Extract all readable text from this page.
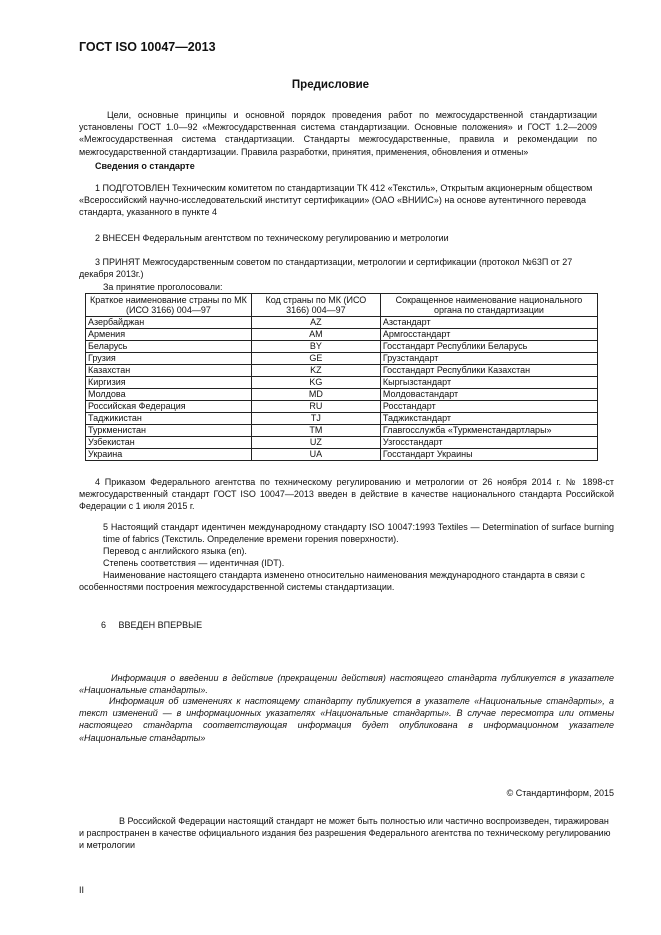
ГОСТ ISO 10047—2013
Предисловие
Цели, основные принципы и основной порядок проведения работ по межгосударственной стандартизации установлены ГОСТ 1.0—92 «Межгосударственная система стандартизации. Основные положения» и ГОСТ 1.2—2009 «Межгосударственная система стандартизации. Стандарты межгосударственные, правила и рекомендации по межгосударственной стандартизации. Правила разработки, принятия, применения, обновления и отмены»
Сведения о стандарте
1 ПОДГОТОВЛЕН Техническим комитетом по стандартизации ТК 412 «Текстиль», Открытым акционерным обществом «Всероссийский научно-исследовательский институт сертификации» (ОАО «ВНИИС») на основе аутентичного перевода стандарта, указанного в пункте 4
2 ВНЕСЕН Федеральным агентством по техническому регулированию и метрологии
3 ПРИНЯТ Межгосударственным советом по стандартизации, метрологии и сертификации (протокол №63П от 27 декабря 2013г.)
За принятие проголосовали:
Краткое наименование страны по МК (ИСО 3166) 004—97	Код страны по МК (ИСО 3166) 004—97	Сокращенное наименование национального органа по стандартизации
Азербайджан	AZ	Азстандарт
Армения	AM	Армгосстандарт
Беларусь	BY	Госстандарт Республики Беларусь
Грузия	GE	Грузстандарт
Казахстан	KZ	Госстандарт Республики Казахстан
Киргизия	KG	Кыргызстандарт
Молдова	MD	Молдовастандарт
Российская Федерация	RU	Росстандарт
Таджикистан	TJ	Таджикстандарт
Туркменистан	TM	Главгосслужба «Туркменстандартлары»
Узбекистан	UZ	Узгосстандарт
Украина	UA	Госстандарт Украины
4 Приказом Федерального агентства по техническому регулированию и метрологии от 26 ноября 2014 г. № 1898-ст межгосударственный стандарт ГОСТ ISO 10047—2013 введен в действие в качестве национального стандарта Российской Федерации с 1 июля 2015 г.
5 Настоящий стандарт идентичен международному стандарту ISO 10047:1993 Textiles — Determination of surface burning time of fabrics (Текстиль. Определение времени горения поверхности).
Перевод с английского языка (en).
Степень соответствия — идентичная (IDT).
Наименование настоящего стандарта изменено относительно наименования международного стандарта в связи с особенностями построения межгосударственной системы стандартизации.
6     ВВЕДЕН ВПЕРВЫЕ
Информация о введении в действие (прекращении действия) настоящего стандарта публикуется в указателе «Национальные стандарты».
Информация об изменениях к настоящему стандарту публикуется в указателе «Национальные стандарты», а текст изменений — в информационных указателях «Национальные стандарты». В случае пересмотра или отмены настоящего стандарта соответствующая информация будет опубликована в информационном указателе «Национальные стандарты»
© Стандартинформ, 2015
В Российской Федерации настоящий стандарт не может быть полностью или частично воспроизведен, тиражирован и распространен в качестве официального издания без разрешения Федерального агентства по техническому регулированию и метрологии
II
